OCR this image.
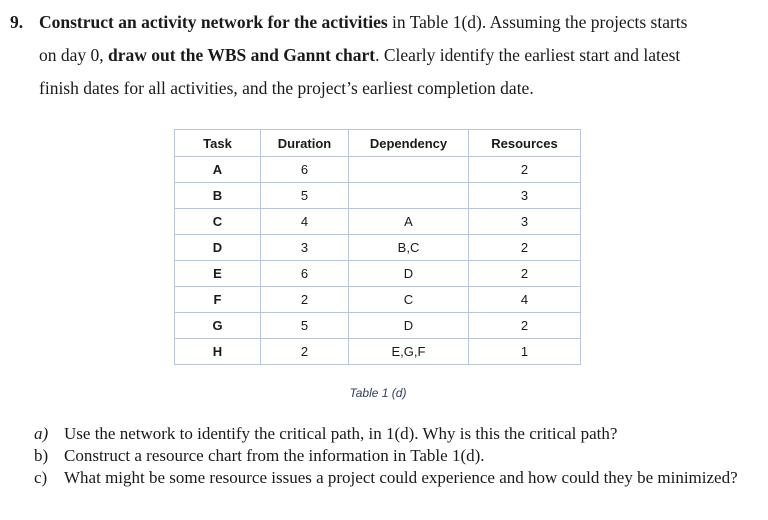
9. Construct an activity network for the activities in Table 1(d). Assuming the projects starts
on day 0, draw out the WBS and Gannt chart. Clearly identify the earliest start and latest
finish dates for all activities, and the project’s earliest completion date.
Task	Duration	Dependency	Resources
A	6		2
B	5		3
C	4	A	3
D	3	B,C	2
E	6	D	2
F	2	C	4
G	5	D	2
H	2	E,G,F	1
Table 1 (d)
a) Use the network to identify the critical path, in 1(d). Why is this the critical path?
b) Construct a resource chart from the information in Table 1(d).
c) What might be some resource issues a project could experience and how could they be minimized?
